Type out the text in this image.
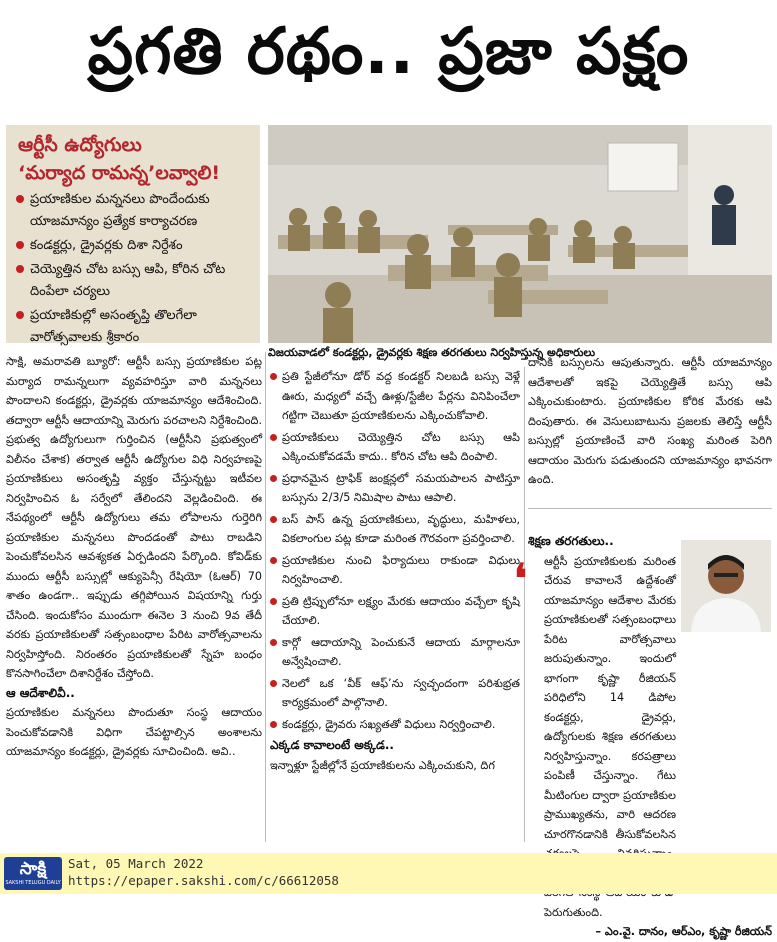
ప్రగతి రథం.. ప్రజా పక్షం
ఆర్టీసీ ఉద్యోగులు
‘మర్యాద రామన్న’లవ్వాలి!
ప్రయాణికుల మన్ననలు పొందేందుకు యాజమాన్యం ప్రత్యేక కార్యాచరణ
కండక్టర్లు, డ్రైవర్లకు దిశా నిర్దేశం
చెయ్యెత్తిన చోట బస్సు ఆపి, కోరిన చోట దింపేలా చర్యలు
ప్రయాణికుల్లో అసంతృప్తి తొలగేలా వారోత్సవాలకు శ్రీకారం
విజయవాడలో కండక్టర్లు, డ్రైవర్లకు శిక్షణ తరగతులు నిర్వహిస్తున్న అధికారులు

సాక్షి, అమరావతి బ్యూరో: ఆర్టీసీ బస్సు ప్రయాణికుల పట్ల మర్యాద రామన్నలుగా వ్యవహరిస్తూ వారి మన్ననలు పొందాలని కండక్టర్లు, డ్రైవర్లకు యాజమాన్యం ఆదేశించింది. తద్వారా ఆర్టీసీ ఆదాయాన్ని మెరుగు పరచాలని నిర్దేశించింది. ప్రభుత్వ ఉద్యోగులుగా గుర్తించిన (ఆర్టీసీని ప్రభుత్వంలో విలీనం చేశాక) తర్వాత ఆర్టీసీ ఉద్యోగుల విధి నిర్వహణపై ప్రయాణికులు అసంతృప్తి వ్యక్తం చేస్తున్నట్టు ఇటీవల నిర్వహించిన ఓ సర్వేలో తేలిందని వెల్లడించింది. ఈ నేపథ్యంలో ఆర్టీసీ ఉద్యోగులు తమ లోపాలను గుర్తెరిగి ప్రయాణికుల మన్ననలు పొందడంతో పాటు రాబడిని పెంచుకోవలసిన ఆవశ్యకత ఏర్పడిందని పేర్కొంది. కోవిడ్‌కు ముందు ఆర్టీసీ బస్సుల్లో ఆక్యుపెన్సీ రేషియో (ఓఆర్) 70 శాతం ఉండగా.. ఇప్పుడు తగ్గిపోయిన విషయాన్ని గుర్తు చేసింది. ఇందుకోసం ముందుగా ఈనెల 3 నుంచి 9వ తేదీ వరకు ప్రయాణికులతో సత్సంబంధాల పేరిట వారోత్సవాలను నిర్వహిస్తోంది. నిరంతరం ప్రయాణికులతో స్నేహ బంధం కొనసాగించేలా దిశానిర్దేశం చేస్తోంది.

ఆ ఆదేశాలివీ..

ప్రయాణికుల మన్ననలు పొందుతూ సంస్థ ఆదాయం పెంచుకోవడానికి విధిగా చేపట్టాల్సిన అంశాలను యాజమాన్యం కండక్టర్లు, డ్రైవర్లకు సూచించింది. అవి..

ప్రతి స్టేజీలోనూ డోర్ వద్ద కండక్టర్ నిలబడి బస్సు వెళ్లే ఊరు, మధ్యలో వచ్చే ఊళ్లు/స్టేజీల పేర్లను వినిపించేలా గట్టిగా చెబుతూ ప్రయాణికులను ఎక్కించుకోవాలి.

ప్రయాణికులు చెయ్యెత్తిన చోట బస్సు ఆపి ఎక్కించుకోవడమే కాదు.. కోరిన చోట ఆపి దింపాలి.

ప్రధానమైన ట్రాఫిక్ జంక్షన్లలో సమయపాలన పాటిస్తూ బస్సును 2/3/5 నిమిషాల పాటు ఆపాలి.

బస్ పాస్ ఉన్న ప్రయాణికులు, వృద్ధులు, మహిళలు, వికలాంగుల పట్ల కూడా మరింత గౌరవంగా ప్రవర్తించాలి.

ప్రయాణికుల నుంచి ఫిర్యాదులు రాకుండా విధులు నిర్వహించాలి.

ప్రతి ట్రిప్పులోనూ లక్ష్యం మేరకు ఆదాయం వచ్చేలా కృషి చేయాలి.

కార్గో ఆదాయాన్ని పెంచుకునే ఆదాయ మార్గాలనూ అన్వేషించాలి.

నెలలో ఒక ‘వీక్ ఆఫ్’ను స్వచ్ఛందంగా పరిశుభ్రత కార్యక్రమంలో పాల్గొనాలి.

కండక్టర్లు, డ్రైవరు సఖ్యతతో విధులు నిర్వర్తించాలి.

ఎక్కడ కావాలంటే అక్కడ..

ఇన్నాళ్లూ స్టేజీల్లోనే ప్రయాణికులను ఎక్కించుకుని, దిగ

దానికి బస్సులను ఆపుతున్నారు. ఆర్టీసీ యాజమాన్యం ఆదేశాలతో ఇకపై చెయ్యెత్తితే బస్సు ఆపి ఎక్కించుకుంటారు. ప్రయాణికుల కోరిక మేరకు ఆపి దింపుతారు. ఈ వెసులుబాటును ప్రజలకు తెలిస్తే ఆర్టీసీ బస్సుల్లో ప్రయాణించే వారి సంఖ్య మరింత పెరిగి ఆదాయం మెరుగు పడుతుందని యాజమాన్యం భావనగా ఉంది.

శిక్షణ తరగతులు..

ఆర్టీసీ ప్రయాణికులకు మరింత చేరువ కావాలనే ఉద్దేశంతో యాజమాన్యం ఆదేశాల మేరకు ప్రయాణికులతో సత్సంబంధాలు పేరిట వారోత్సవాలు జరుపుతున్నాం. ఇందులో భాగంగా కృష్ణా రీజియన్ పరిధిలోని 14 డిపోల కండక్టర్లు, డ్రైవర్లు, ఉద్యోగులకు శిక్షణ తరగతులు నిర్వహిస్తున్నాం. కరపత్రాలు పంపిణీ చేస్తున్నాం. గేటు మీటింగుల ద్వారా ప్రయాణికుల ప్రాముఖ్యతను, వారి ఆదరణ చూరగొనడానికి తీసుకోవలసిన పెరుగుతుంది.

– ఎం.వై. దానం, ఆర్‌ఎం, కృష్ణా రీజియన్

❛
సాక్షి
SAKSHI TELUGU DAILY
Sat, 05 March 2022
https://epaper.sakshi.com/c/66612058
